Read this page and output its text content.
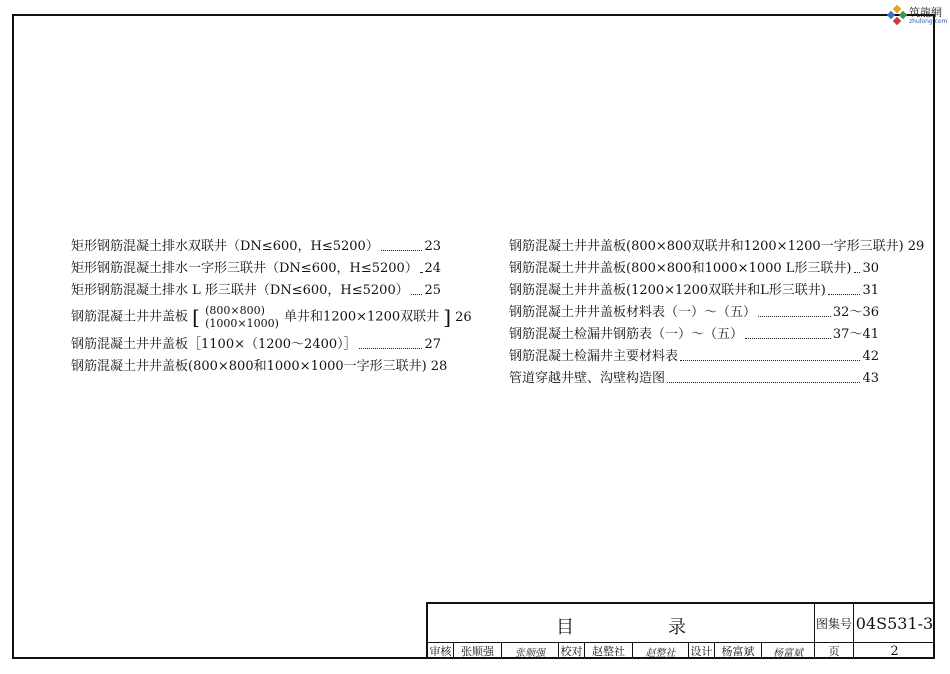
筑龍網
zhulong.com
矩形钢筋混凝土排水双联井（DN≤600，H≤5200）	23
矩形钢筋混凝土排水一字形三联井（DN≤600，H≤5200） 24
矩形钢筋混凝土排水 L 形三联井（DN≤600，H≤5200） 25
钢筋混凝土井井盖板 [ (800×800)
(1000×1000) 单井和1200×1200双联井 ] 26
钢筋混凝土井井盖板［1100×（1200～2400）］	27
钢筋混凝土井井盖板(800×800和1000×1000一字形三联井) 28
钢筋混凝土井井盖板(800×800双联井和1200×1200一字形三联井) 29
钢筋混凝土井井盖板(800×800和1000×1000 L形三联井) 30
钢筋混凝土井井盖板(1200×1200双联井和L形三联井)	31
钢筋混凝土井井盖板材料表（一）～（五）	32～36
钢筋混凝土检漏井钢筋表（一）～（五）	37～41
钢筋混凝土检漏井主要材料表	42
管道穿越井壁、沟壁构造图	43
目	录	图集号 04S531-3
审核 张顺强	张顺强	校对 赵整社	赵整社	设计 杨富斌	杨富斌	页	2
